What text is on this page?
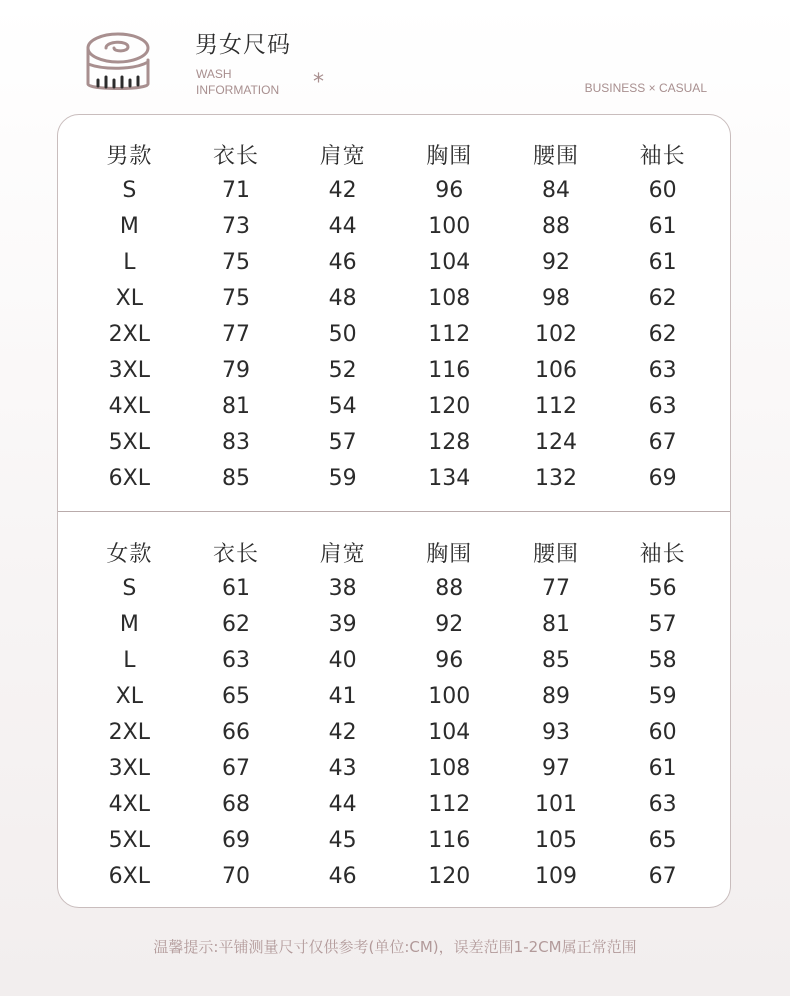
男女尺码
WASH
INFORMATION *	BUSINESS × CASUAL
男款	衣长	肩宽	胸围	腰围	袖长
S	71	42	96	84	60
M	73	44	100	88	61
L	75	46	104	92	61
XL	75	48	108	98	62
2XL	77	50	112	102	62
3XL	79	52	116	106	63
4XL	81	54	120	112	63
5XL	83	57	128	124	67
6XL	85	59	134	132	69
女款	衣长	肩宽	胸围	腰围	袖长
S	61	38	88	77	56
M	62	39	92	81	57
L	63	40	96	85	58
XL	65	41	100	89	59
2XL	66	42	104	93	60
3XL	67	43	108	97	61
4XL	68	44	112	101	63
5XL	69	45	116	105	65
6XL	70	46	120	109	67
温馨提示:平铺测量尺寸仅供参考(单位:CM)，误差范围1-2CM属正常范围
